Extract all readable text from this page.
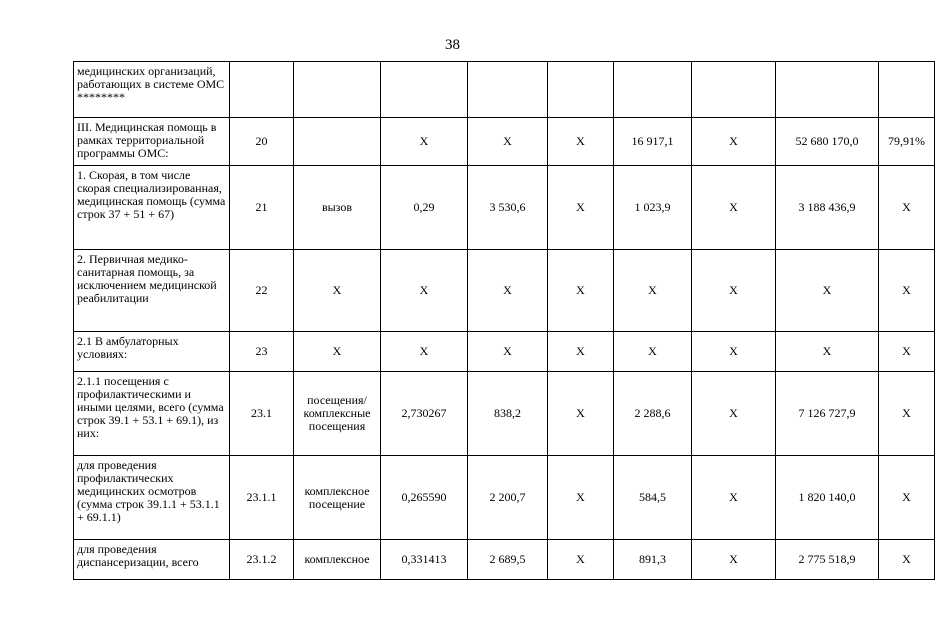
38
медицинских организаций, работающих в системе ОМС ********									
III. Медицинская помощь в рамках территориальной программы ОМС:	20		Х	Х	Х	16 917,1	Х	52 680 170,0	79,91%
1. Скорая, в том числе скорая специализированная, медицинская помощь (сумма строк 37 + 51 + 67)	21	вызов	0,29	3 530,6	Х	1 023,9	Х	3 188 436,9	Х
2. Первичная медико-санитарная помощь, за исключением медицинской реабилитации	22	Х	Х	Х	Х	Х	Х	Х	Х
2.1 В амбулаторных условиях:	23	Х	Х	Х	Х	Х	Х	Х	Х
2.1.1 посещения с профилактическими и иными целями, всего (сумма строк 39.1 + 53.1 + 69.1), из них:	23.1	посещения/комплексные посещения	2,730267	838,2	Х	2 288,6	Х	7 126 727,9	Х
для проведения профилактических медицинских осмотров (сумма строк 39.1.1 + 53.1.1 + 69.1.1)	23.1.1	комплексное посещение	0,265590	2 200,7	Х	584,5	Х	1 820 140,0	Х
для проведения диспансеризации, всего	23.1.2	комплексное	0,331413	2 689,5	Х	891,3	Х	2 775 518,9	Х
